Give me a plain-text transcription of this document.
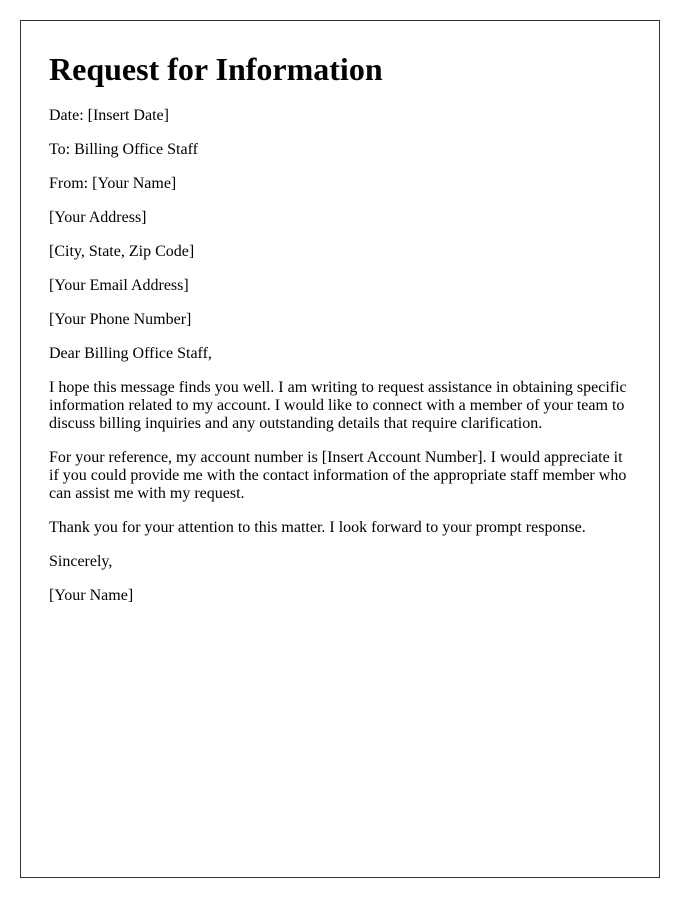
Request for Information

Date: [Insert Date]

To: Billing Office Staff

From: [Your Name]

[Your Address]

[City, State, Zip Code]

[Your Email Address]

[Your Phone Number]

Dear Billing Office Staff,

I hope this message finds you well. I am writing to request assistance in obtaining specific information related to my account. I would like to connect with a member of your team to discuss billing inquiries and any outstanding details that require clarification.

For your reference, my account number is [Insert Account Number]. I would appreciate it if you could provide me with the contact information of the appropriate staff member who can assist me with my request.

Thank you for your attention to this matter. I look forward to your prompt response.

Sincerely,

[Your Name]
